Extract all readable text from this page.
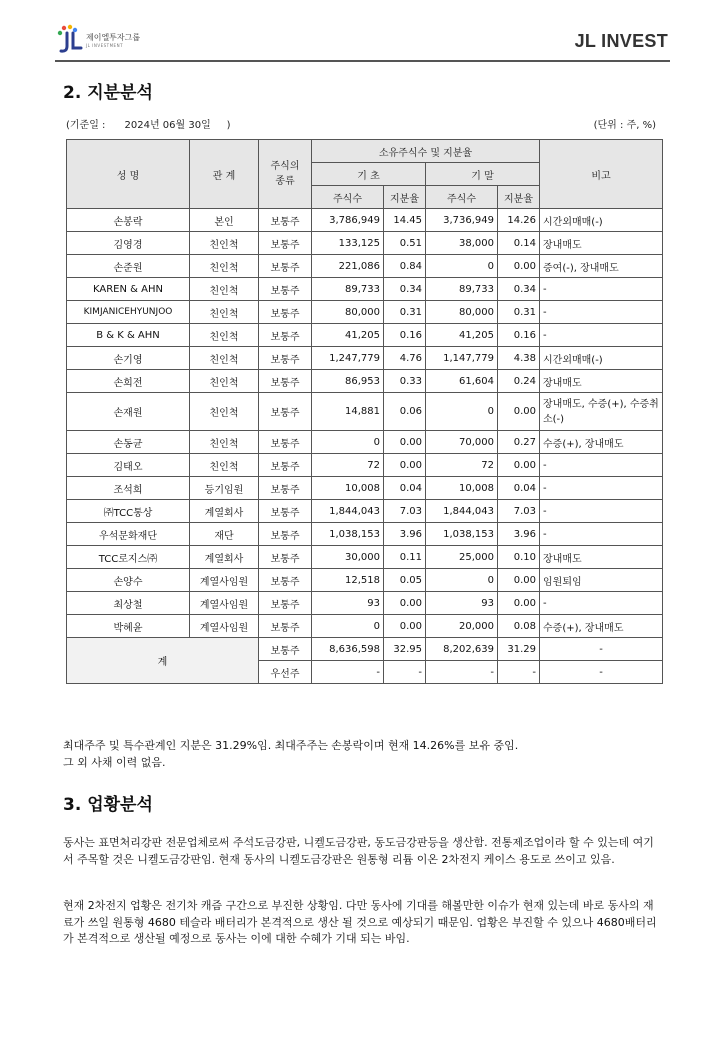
제이엘투자그룹
JL INVESTMENT	JL INVEST
2. 지분분석
(기준일 :      2024년 06월 30일     )	(단위 : 주, %)
성 명	관 계	주식의 종류	소유주식수 및 지분율				비고
			기 초		기 말		
			주식수	지분율	주식수	지분율	
손봉락	본인	보통주	3,786,949	14.45	3,736,949	14.26	시간외매매(-)
김영경	친인척	보통주	133,125	0.51	38,000	0.14	장내매도
손준원	친인척	보통주	221,086	0.84	0	0.00	증여(-), 장내매도
KAREN & AHN	친인척	보통주	89,733	0.34	89,733	0.34	-
KIMJANICEHYUNJOO	친인척	보통주	80,000	0.31	80,000	0.31	-
B & K & AHN	친인척	보통주	41,205	0.16	41,205	0.16	-
손기영	친인척	보통주	1,247,779	4.76	1,147,779	4.38	시간외매매(-)
손희전	친인척	보통주	86,953	0.33	61,604	0.24	장내매도
손재원	친인척	보통주	14,881	0.06	0	0.00	장내매도, 수증(+), 수증취소(-)
손동균	친인척	보통주	0	0.00	70,000	0.27	수증(+), 장내매도
김태오	친인척	보통주	72	0.00	72	0.00	-
조석희	등기임원	보통주	10,008	0.04	10,008	0.04	-
㈜TCC통상	계열회사	보통주	1,844,043	7.03	1,844,043	7.03	-
우석문화재단	재단	보통주	1,038,153	3.96	1,038,153	3.96	-
TCC로지스㈜	계열회사	보통주	30,000	0.11	25,000	0.10	장내매도
손양수	계열사임원	보통주	12,518	0.05	0	0.00	임원퇴임
최상철	계열사임원	보통주	93	0.00	93	0.00	-
박혜윤	계열사임원	보통주	0	0.00	20,000	0.08	수증(+), 장내매도
계		보통주	8,636,598	32.95	8,202,639	31.29	-
		우선주	-	-	-	-	-
최대주주 및 특수관계인 지분은 31.29%임. 최대주주는 손봉락이며 현재 14.26%를 보유 중임.
그 외 사채 이력 없음.
3. 업황분석
동사는 표면처리강판 전문업체로써 주석도금강판, 니켈도금강판, 동도금강판등을 생산함. 전통제조업이라 할 수 있는데 여기서 주목할 것은 니켈도금강판임. 현재 동사의 니켈도금강판은 원통형 리튬 이온 2차전지 케이스 용도로 쓰이고 있음.
현재 2차전지 업황은 전기차 캐즘 구간으로 부진한 상황임. 다만 동사에 기대를 해볼만한 이슈가 현재 있는데 바로 동사의 재료가 쓰일 원통형 4680 테슬라 배터리가 본격적으로 생산 될 것으로 예상되기 때문임. 업황은 부진할 수 있으나 4680배터리가 본격적으로 생산될 예정으로 동사는 이에 대한 수혜가 기대 되는 바임.
